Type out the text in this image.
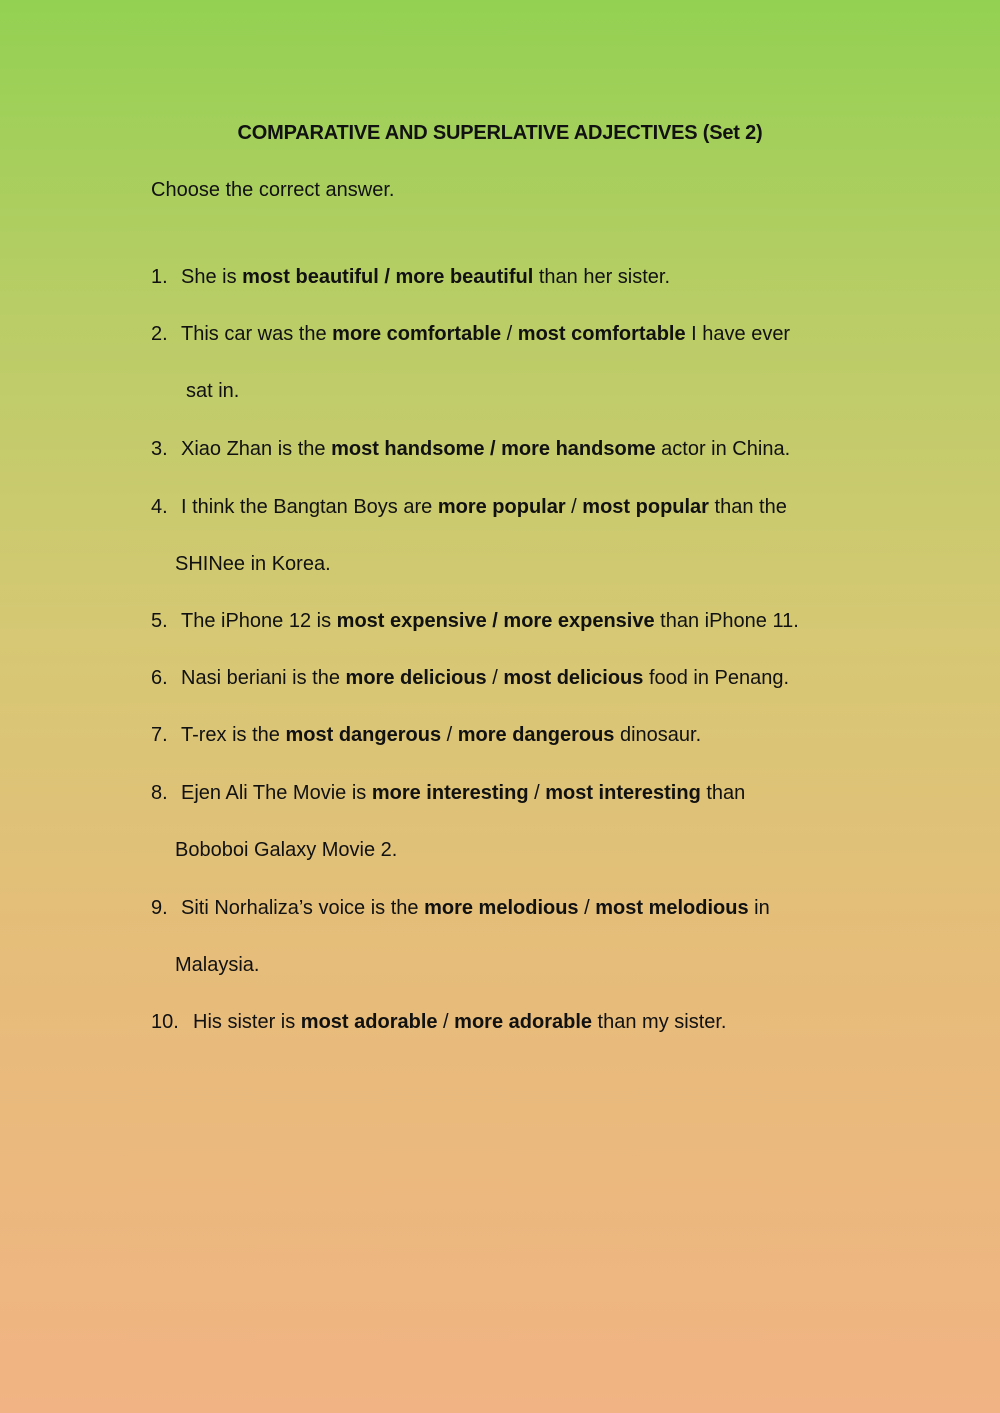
COMPARATIVE AND SUPERLATIVE ADJECTIVES (Set 2)
Choose the correct answer.
1. She is most beautiful / more beautiful than her sister.
2. This car was the more comfortable / most comfortable I have ever
sat in.
3. Xiao Zhan is the most handsome / more handsome actor in China.
4. I think the Bangtan Boys are more popular / most popular than the
SHINee in Korea.
5. The iPhone 12 is most expensive / more expensive than iPhone 11.
6. Nasi beriani is the more delicious / most delicious food in Penang.
7. T-rex is the most dangerous / more dangerous dinosaur.
8. Ejen Ali The Movie is more interesting / most interesting than
Boboboi Galaxy Movie 2.
9. Siti Norhaliza’s voice is the more melodious / most melodious in
Malaysia.
10. His sister is most adorable / more adorable than my sister.
